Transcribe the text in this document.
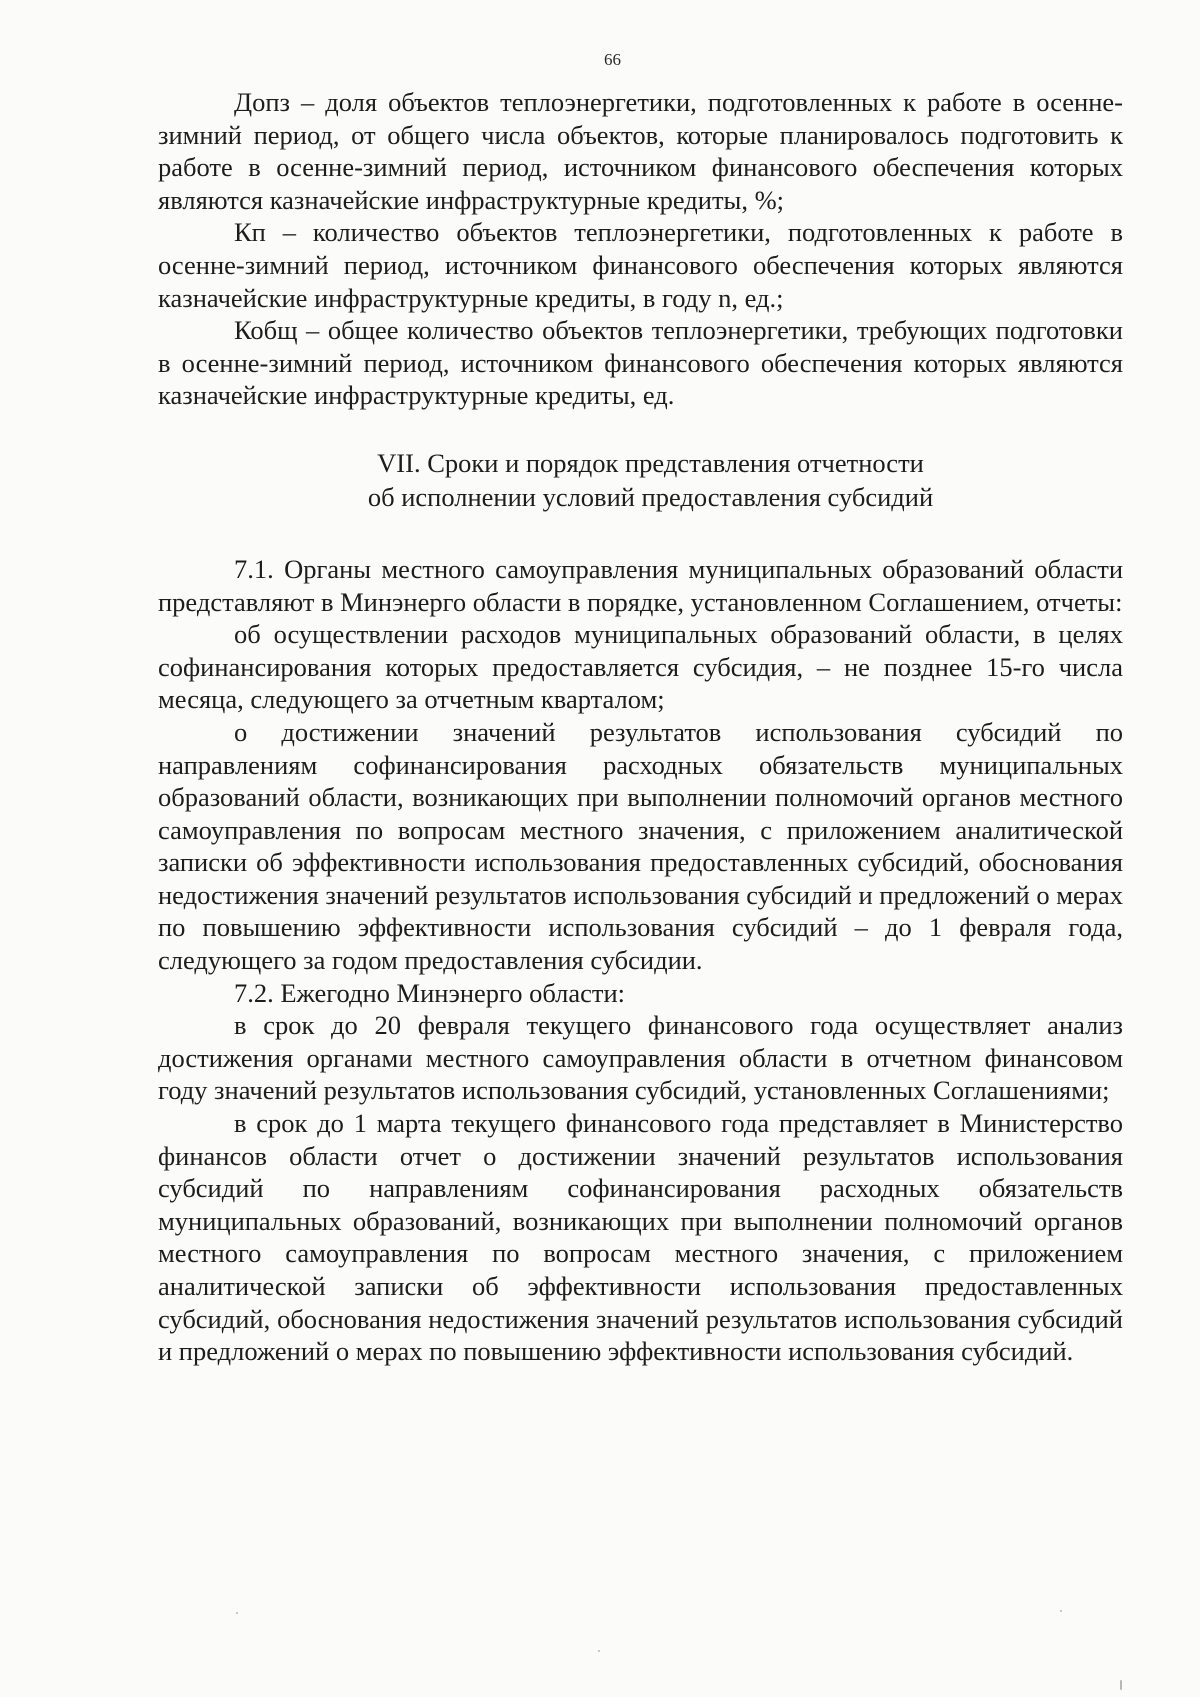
66

Допз – доля объектов теплоэнергетики, подготовленных к работе в осенне-зимний период, от общего числа объектов, которые планировалось подготовить к работе в осенне-зимний период, источником финансового обеспечения которых являются казначейские инфраструктурные кредиты, %;

Кп – количество объектов теплоэнергетики, подготовленных к работе в осенне-зимний период, источником финансового обеспечения которых являются казначейские инфраструктурные кредиты, в году n, ед.;

Кобщ – общее количество объектов теплоэнергетики, требующих подготовки в осенне-зимний период, источником финансового обеспечения которых являются казначейские инфраструктурные кредиты, ед.

VII. Сроки и порядок представления отчетности
об исполнении условий предоставления субсидий

7.1. Органы местного самоуправления муниципальных образований области представляют в Минэнерго области в порядке, установленном Соглашением, отчеты:

об осуществлении расходов муниципальных образований области, в целях софинансирования которых предоставляется субсидия, – не позднее 15-го числа месяца, следующего за отчетным кварталом;

о достижении значений результатов использования субсидий по направлениям софинансирования расходных обязательств муниципальных образований области, возникающих при выполнении полномочий органов местного самоуправления по вопросам местного значения, с приложением аналитической записки об эффективности использования предоставленных субсидий, обоснования недостижения значений результатов использования субсидий и предложений о мерах по повышению эффективности использования субсидий – до 1 февраля года, следующего за годом предоставления субсидии.

7.2. Ежегодно Минэнерго области:

в срок до 20 февраля текущего финансового года осуществляет анализ достижения органами местного самоуправления области в отчетном финансовом году значений результатов использования субсидий, установленных Соглашениями;

в срок до 1 марта текущего финансового года представляет в Министерство финансов области отчет о достижении значений результатов использования субсидий по направлениям софинансирования расходных обязательств муниципальных образований, возникающих при выполнении полномочий органов местного самоуправления по вопросам местного значения, с приложением аналитической записки об эффективности использования предоставленных субсидий, обоснования недостижения значений результатов использования субсидий и предложений о мерах по повышению эффективности использования субсидий.
